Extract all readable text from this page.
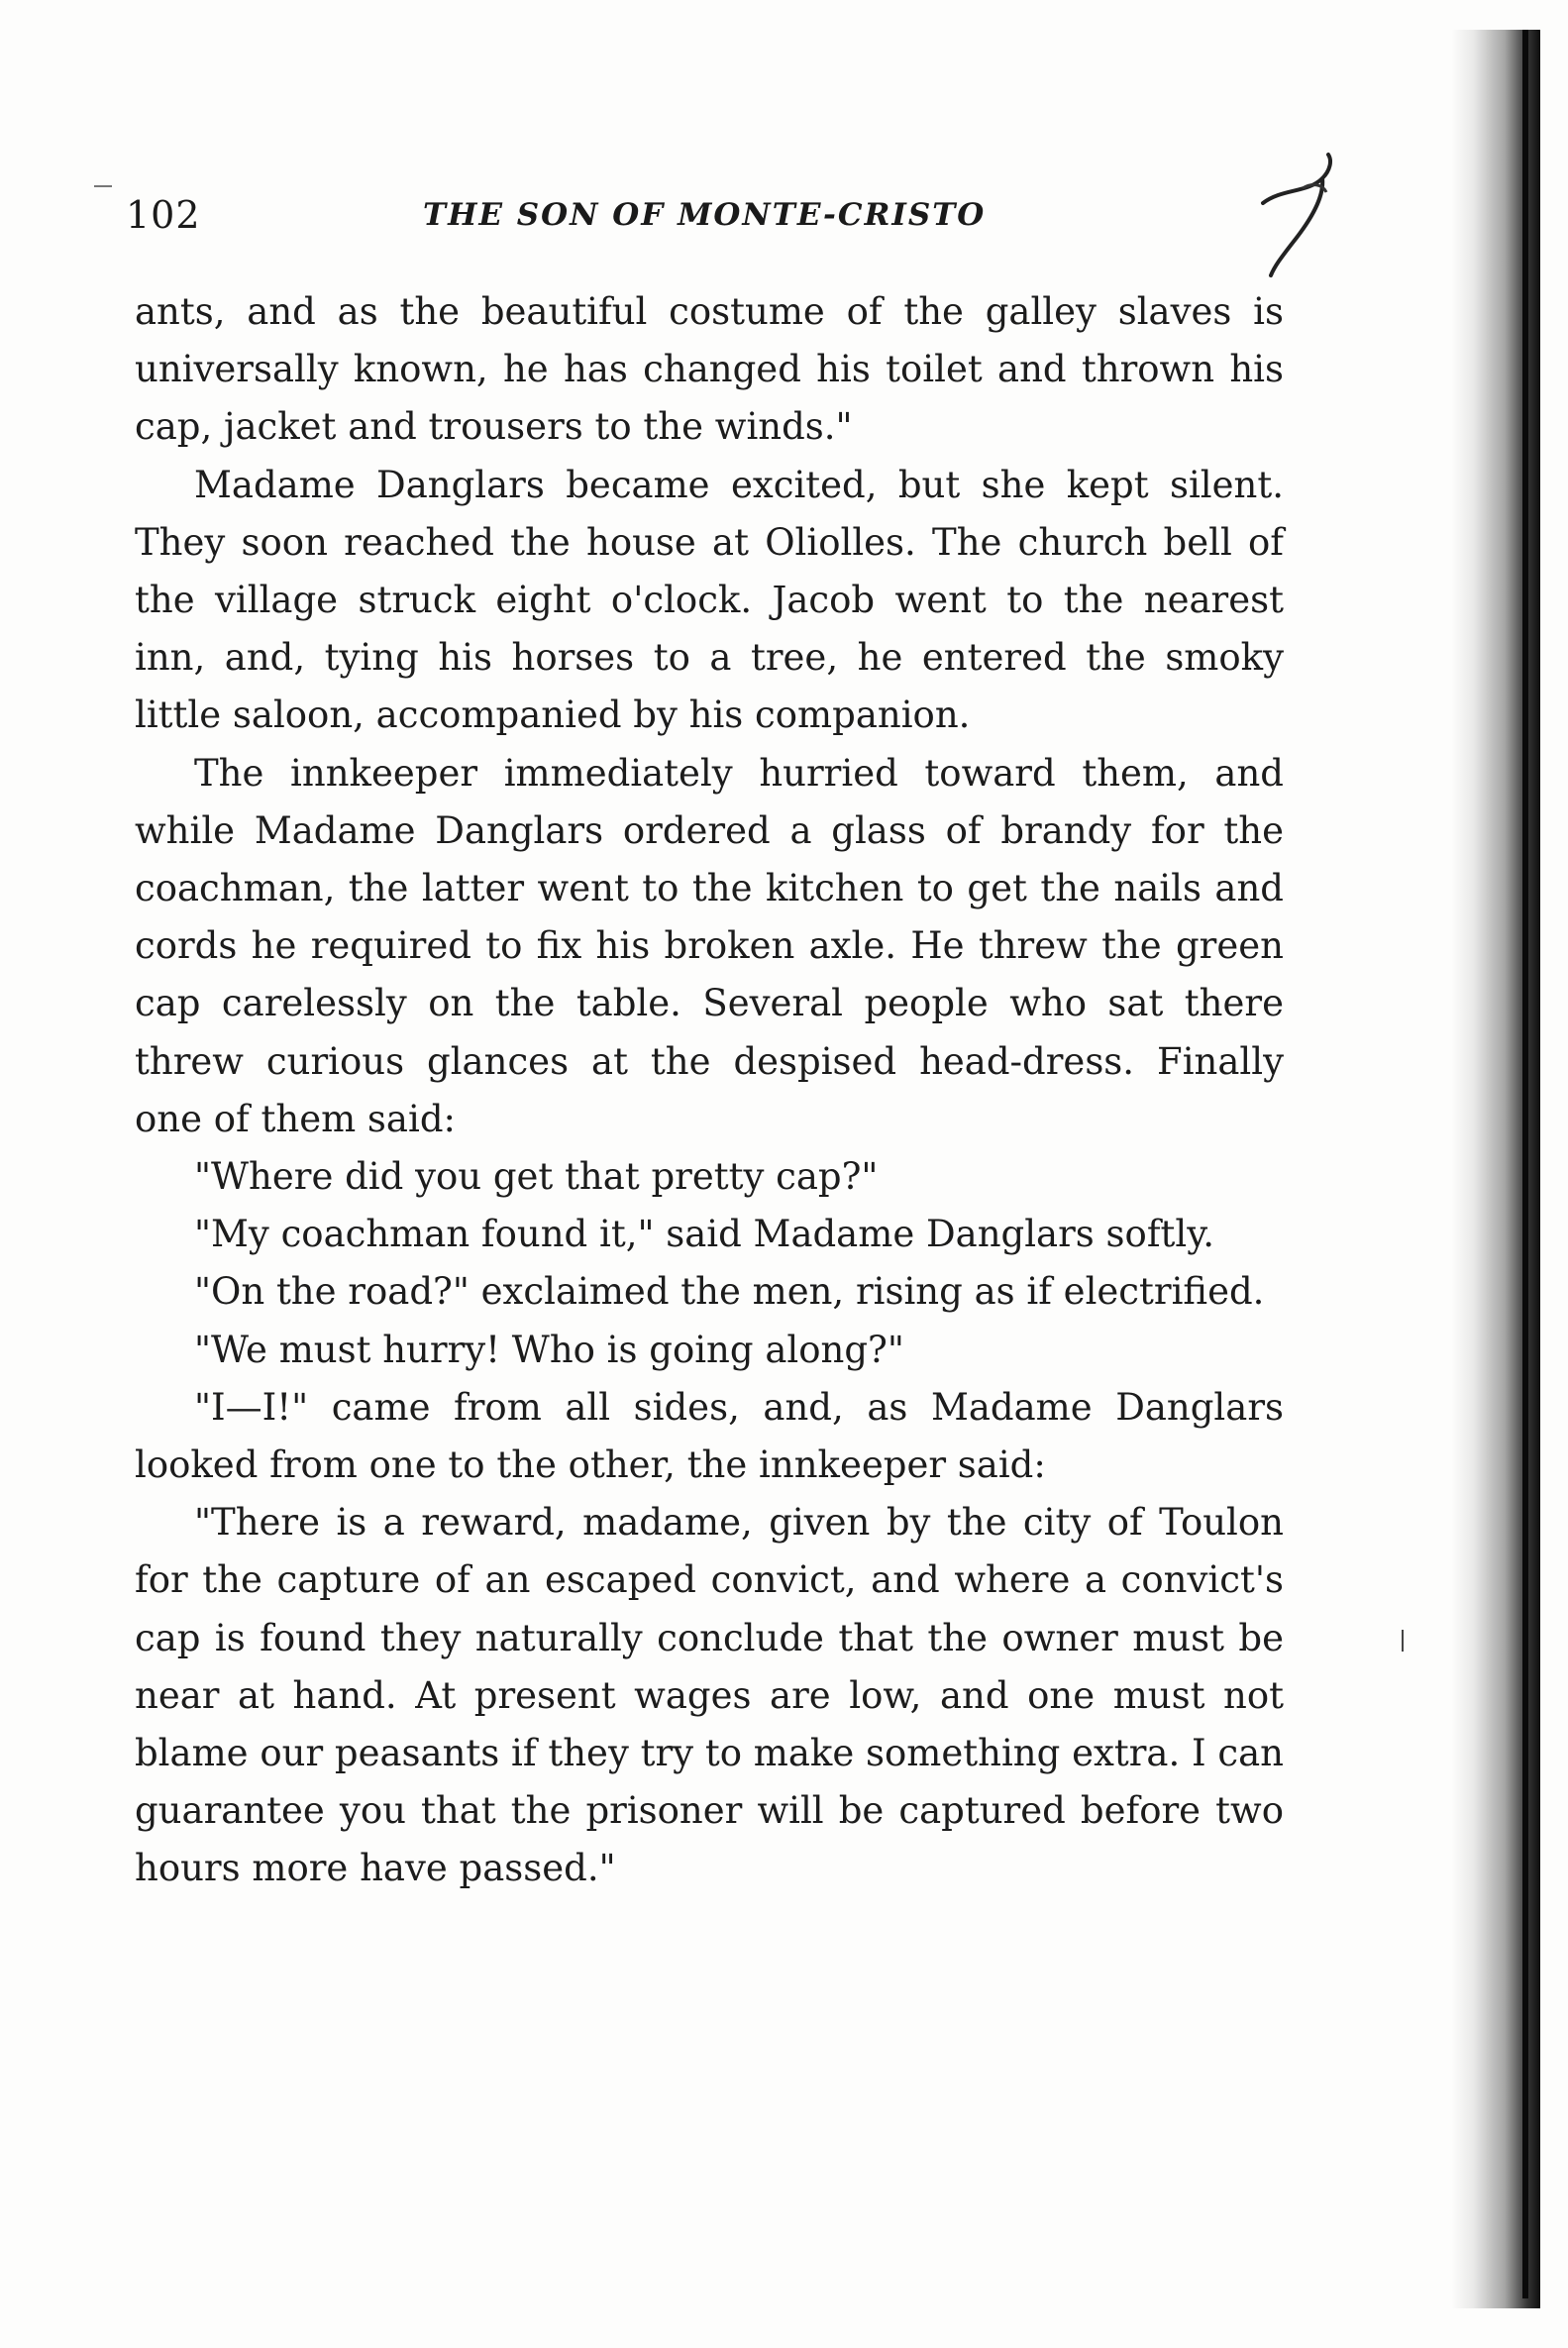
102	THE SON OF MONTE-CRISTO

ants, and as the beautiful costume of the galley slaves is universally known, he has changed his toilet and thrown his cap, jacket and trousers to the winds."

Madame Danglars became excited, but she kept silent. They soon reached the house at Oliolles. The church bell of the village struck eight o'clock. Jacob went to the nearest inn, and, tying his horses to a tree, he entered the smoky little saloon, accompanied by his companion.

The innkeeper immediately hurried toward them, and while Madame Danglars ordered a glass of brandy for the coachman, the latter went to the kitchen to get the nails and cords he required to fix his broken axle. He threw the green cap carelessly on the table. Several people who sat there threw curious glances at the despised head-dress. Finally one of them said:

"Where did you get that pretty cap?"

"My coachman found it," said Madame Danglars softly.

"On the road?" exclaimed the men, rising as if electrified.

"We must hurry! Who is going along?"

"I—I!" came from all sides, and, as Madame Danglars looked from one to the other, the innkeeper said:

"There is a reward, madame, given by the city of Toulon for the capture of an escaped convict, and where a convict's cap is found they naturally conclude that the owner must be near at hand. At present wages are low, and one must not blame our peasants if they try to make something extra. I can guarantee you that the prisoner will be captured before two hours more have passed."
